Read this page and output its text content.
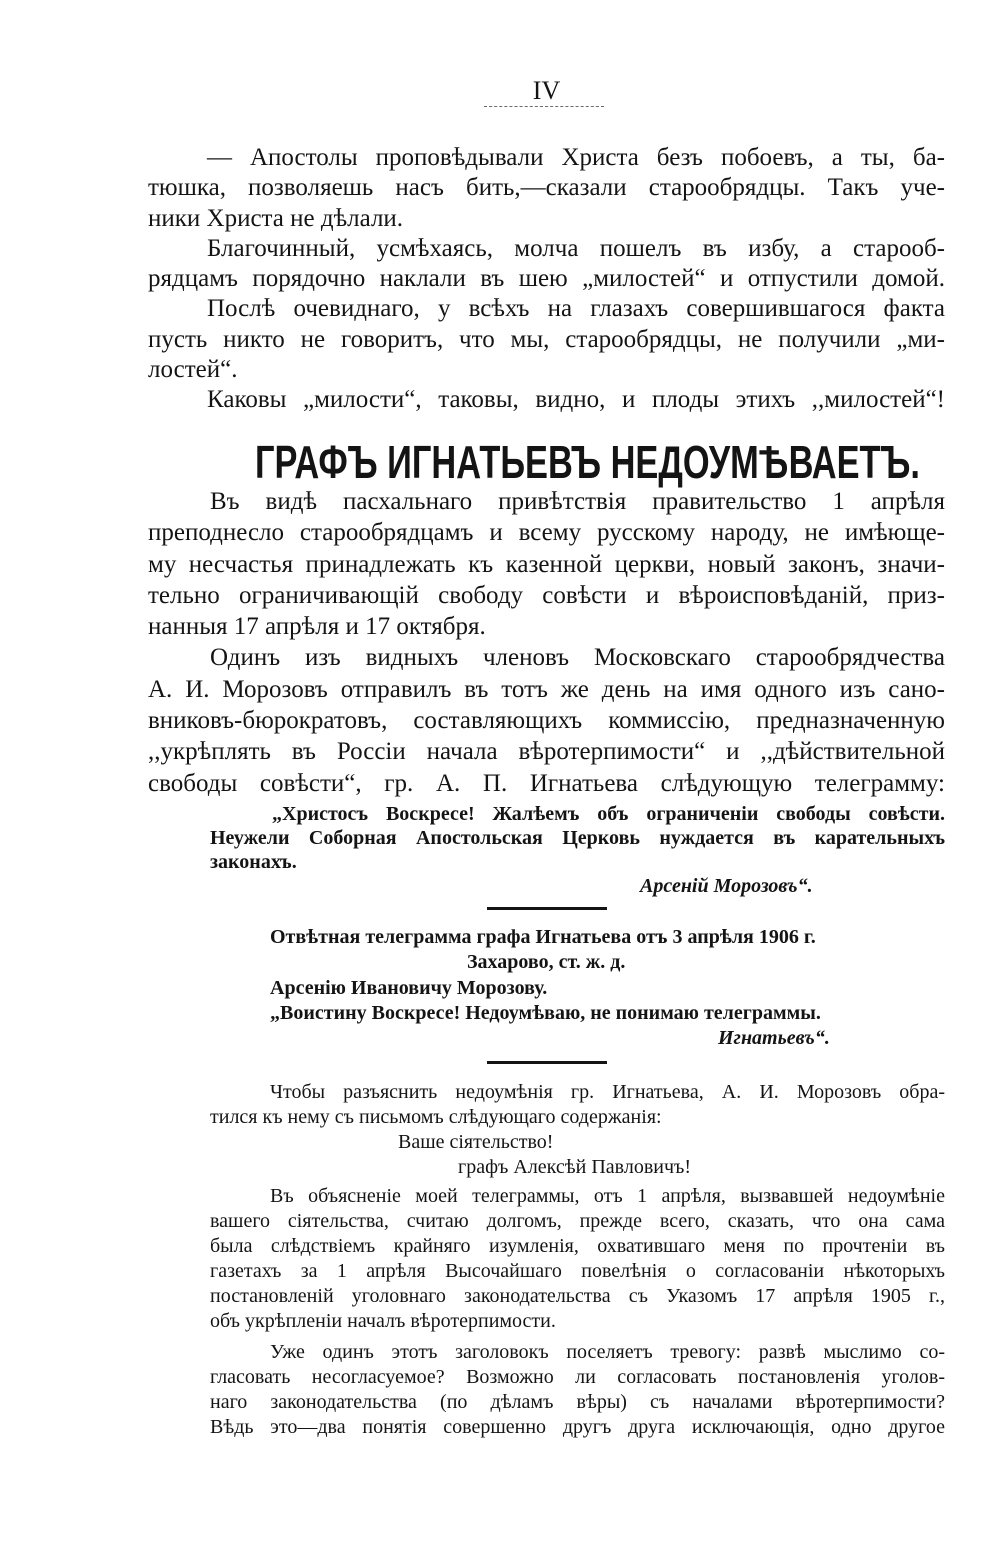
IV
— Апостолы проповѣдывали Христа безъ побоевъ, а ты, ба-
тюшка, позволяешь насъ бить,—сказали старообрядцы. Такъ уче-
ники Христа не дѣлали.
Благочинный, усмѣхаясь, молча пошелъ въ избу, а старооб-
рядцамъ порядочно наклали въ шею „милостей“ и отпустили домой.
Послѣ очевиднаго, у всѣхъ на глазахъ совершившагося факта
пусть никто не говоритъ, что мы, старообрядцы, не получили „ми-
лостей“.
Каковы „милости“, таковы, видно, и плоды этихъ ,,милостей“!
ГРАФЪ ИГНАТЬЕВЪ НЕДОУМѢВАЕТЪ.
Въ видѣ пасхальнаго привѣтствія правительство 1 апрѣля
преподнесло старообрядцамъ и всему русскому народу, не имѣюще-
му несчастья принадлежать къ казенной церкви, новый законъ, значи-
тельно ограничивающій свободу совѣсти и вѣроисповѣданій, приз-
нанныя 17 апрѣля и 17 октября.
Одинъ изъ видныхъ членовъ Московскаго старообрядчества
А. И. Морозовъ отправилъ въ тотъ же день на имя одного изъ сано-
вниковъ-бюрократовъ, составляющихъ коммиссію, предназначенную
,,укрѣплять въ Россіи начала вѣротерпимости“ и ,,дѣйствительной
свободы совѣсти“, гр. А. П. Игнатьева слѣдующую телеграмму:
„Христосъ Воскресе! Жалѣемъ объ ограниченіи свободы совѣсти.
Неужели Соборная Апостольская Церковь нуждается въ карательныхъ
законахъ.
Арсеній Морозовъ“.
Отвѣтная телеграмма графа Игнатьева отъ 3 апрѣля 1906 г.
Захарово, ст. ж. д.
Арсенію Ивановичу Морозову.
„Воистину Воскресе! Недоумѣваю, не понимаю телеграммы.
Игнатьевъ“.
Чтобы разъяснить недоумѣнія гр. Игнатьева, А. И. Морозовъ обра-
тился къ нему съ письмомъ слѣдующаго содержанія:
Ваше сіятельство!
графъ Алексѣй Павловичъ!
Въ объясненіе моей телеграммы, отъ 1 апрѣля, вызвавшей недоумѣніе
вашего сіятельства, считаю долгомъ, прежде всего, сказать, что она сама
была слѣдствіемъ крайняго изумленія, охватившаго меня по прочтеніи въ
газетахъ за 1 апрѣля Высочайшаго повелѣнія о согласованіи нѣкоторыхъ
постановленій уголовнаго законодательства съ Указомъ 17 апрѣля 1905 г.,
объ укрѣпленіи началъ вѣротерпимости.
Уже одинъ этотъ заголовокъ поселяетъ тревогу: развѣ мыслимо со-
гласовать несогласуемое? Возможно ли согласовать постановленія уголов-
наго законодательства (по дѣламъ вѣры) съ началами вѣротерпимости?
Вѣдь это—два понятія совершенно другъ друга исключающія, одно другое
